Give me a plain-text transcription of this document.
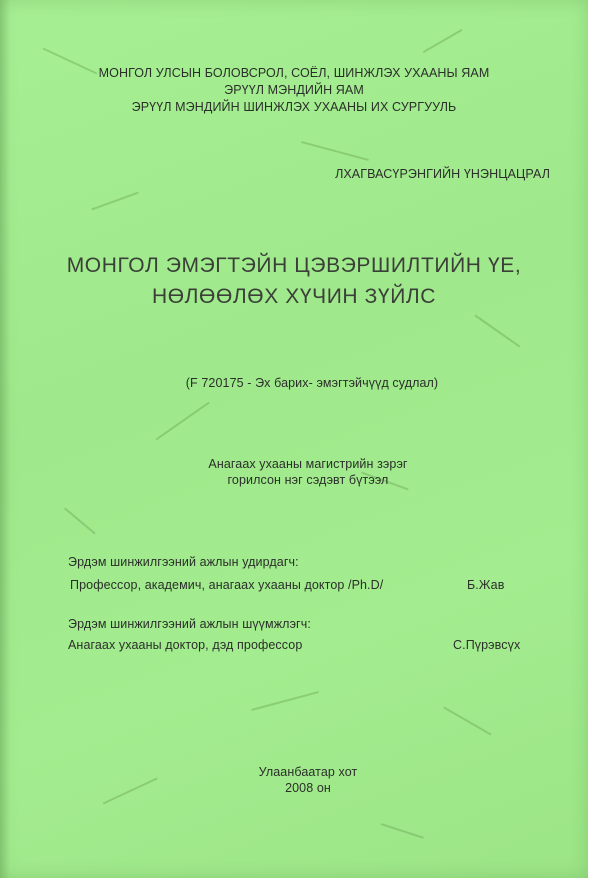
МОНГОЛ УЛСЫН БОЛОВСРОЛ, СОЁЛ, ШИНЖЛЭХ УХААНЫ ЯАМ
ЭРҮҮЛ МЭНДИЙН ЯАМ
ЭРҮҮЛ МЭНДИЙН ШИНЖЛЭХ УХААНЫ ИХ СУРГУУЛЬ
ЛХАГВАСҮРЭНГИЙН ҮНЭНЦАЦРАЛ
МОНГОЛ ЭМЭГТЭЙН ЦЭВЭРШИЛТИЙН ҮЕ,
НӨЛӨӨЛӨХ ХҮЧИН ЗҮЙЛС
(F 720175 - Эх барих- эмэгтэйчүүд судлал)
Анагаах ухааны магистрийн зэрэг
горилсон нэг сэдэвт бүтээл
Эрдэм шинжилгээний ажлын удирдагч:
Профессор, академич, анагаах ухааны доктор /Ph.D/	Б.Жав
Эрдэм шинжилгээний ажлын шүүмжлэгч:
Анагаах ухааны доктор, дэд профессор	С.Пүрэвсүх
Улаанбаатар хот
2008 он
